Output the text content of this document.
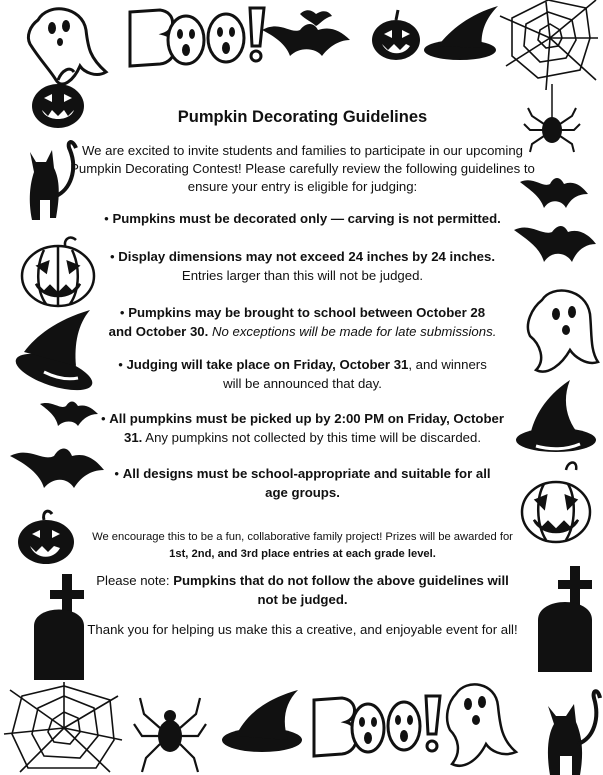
Pumpkin Decorating Guidelines
We are excited to invite students and families to participate in our upcoming Pumpkin Decorating Contest! Please carefully review the following guidelines to ensure your entry is eligible for judging:
• Pumpkins must be decorated only — carving is not permitted.
• Display dimensions may not exceed 24 inches by 24 inches.
Entries larger than this will not be judged.
• Pumpkins may be brought to school between October 28
and October 30. No exceptions will be made for late submissions.
• Judging will take place on Friday, October 31, and winners
will be announced that day.
• All pumpkins must be picked up by 2:00 PM on Friday, October
31. Any pumpkins not collected by this time will be discarded.
• All designs must be school-appropriate and suitable for all
age groups.
We encourage this to be a fun, collaborative family project! Prizes will be awarded for
1st, 2nd, and 3rd place entries at each grade level.
Please note: Pumpkins that do not follow the above guidelines will
not be judged.
Thank you for helping us make this a creative, and enjoyable event for all!
